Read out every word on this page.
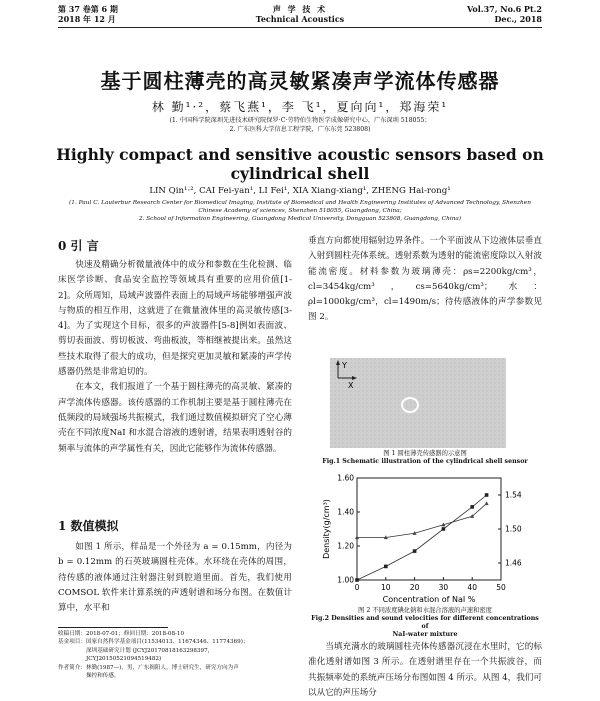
第 37 卷第 6 期
2018 年 12 月
声 学 技 术
Technical Acoustics
Vol.37, No.6 Pt.2
Dec., 2018
基于圆柱薄壳的高灵敏紧凑声学流体传感器
林 勤¹·²，蔡飞燕¹，李 飞¹，夏向向¹，郑海荣¹
(1. 中国科学院深圳先进技术研究院保罗·C·劳特伯生物医学成像研究中心，广东深圳 518055；
2. 广东医科大学信息工程学院，广东东莞 523808)
Highly compact and sensitive acoustic sensors based on
cylindrical shell
LIN Qin¹·², CAI Fei-yan¹, LI Fei¹, XIA Xiang-xiang¹, ZHENG Hai-rong¹
(1. Paul C. Lauterbur Research Center for Biomedical Imaging, Institute of Biomedical and Health Engineering Institutes of Advanced Technology, Shenzhen
Chinese Academy of sciences, Shenzhen 518055, Guangdong, China;
2. School of Information Engineering, Guangdong Medical University, Dongguan 523808, Guangdong, China)
0 引 言

快速及精确分析微量液体中的成分和参数在生化检测、临床医学诊断、食品安全监控等领域具有重要的应用价值[1-2]。众所周知，局域声波器件表面上的局域声场能够增强声波与物质的相互作用，这就进了在微量液体里的高灵敏传感[3-4]。为了实现这个目标，很多的声波器件[5-8]例如表面波、剪切表面波、剪切板波、弯曲板波，等相继被提出来。虽然这些技术取得了很大的成功，但是探究更加灵敏和紧凑的声学传感器仍然是非常迫切的。

在本文，我们报道了一个基于圆柱薄壳的高灵敏、紧凑的声学流体传感器。该传感器的工作机制主要是基于圆柱薄壳在低频段的局域强场共振模式，我们通过数值模拟研究了空心薄壳在不同浓度NaI 和水混合溶液的透射谱，结果表明透射谷的频率与流体的声学属性有关，因此它能够作为流体传感器。

1 数值模拟

如图 1 所示，样品是一个外径为 a = 0.15mm，内径为 b = 0.12mm 的石英玻璃圆柱壳体。水环绕在壳体的周围，待传感的液体通过注射器注射到腔道里面。首先，我们使用 COMSOL 软件来计算系统的声透射谱和场分布图。在数值计算中，水平和

收稿日期：2018-07-01；修回日期：2018-08-10
基金项目：国家自然科学基金项目(11534013、11674346、11774369)；
深圳基础研究计划 (JCYJ20170818163298397，
JCYJ20150521094519482)
作者简介：林勤(1987—)，男，广东揭阳人，博士研究生，研究方向为声
操控和传感。

垂直方向都使用辐射边界条件。一个平面波从下边液体层垂直入射到圆柱壳体系统。透射系数为透射的能流密度除以入射波能流密度。材料参数为玻璃薄壳：ρs=2200kg/cm³，cl=3454kg/cm³，cs=5640kg/cm³；水：ρl=1000kg/cm³，cl=1490m/s；待传感液体的声学参数见图 2。

Y
X
图 1 圆柱薄壳传感器的示意图
Fig.1 Schematic illustration of the cylindrical shell sensor
0	10	20	30	40	50
1.00
1.20
1.40
1.60
1.46
1.50
1.54
Concentration of NaI %
Density(g/cm³)
图 2 不同浓度碘化钠和水混合溶液的声速和密度
Fig.2 Densities and sound velocities for different concentrations of
NaI-water mixture

当填充满水的玻璃圆柱壳体传感器沉浸在水里时，它的标准化透射谱如图 3 所示。在透射谱里存在一个共振波谷，而共振频率处的系统声压场分布图如图 4 所示。从图 4，我们可以从它的声压场分
